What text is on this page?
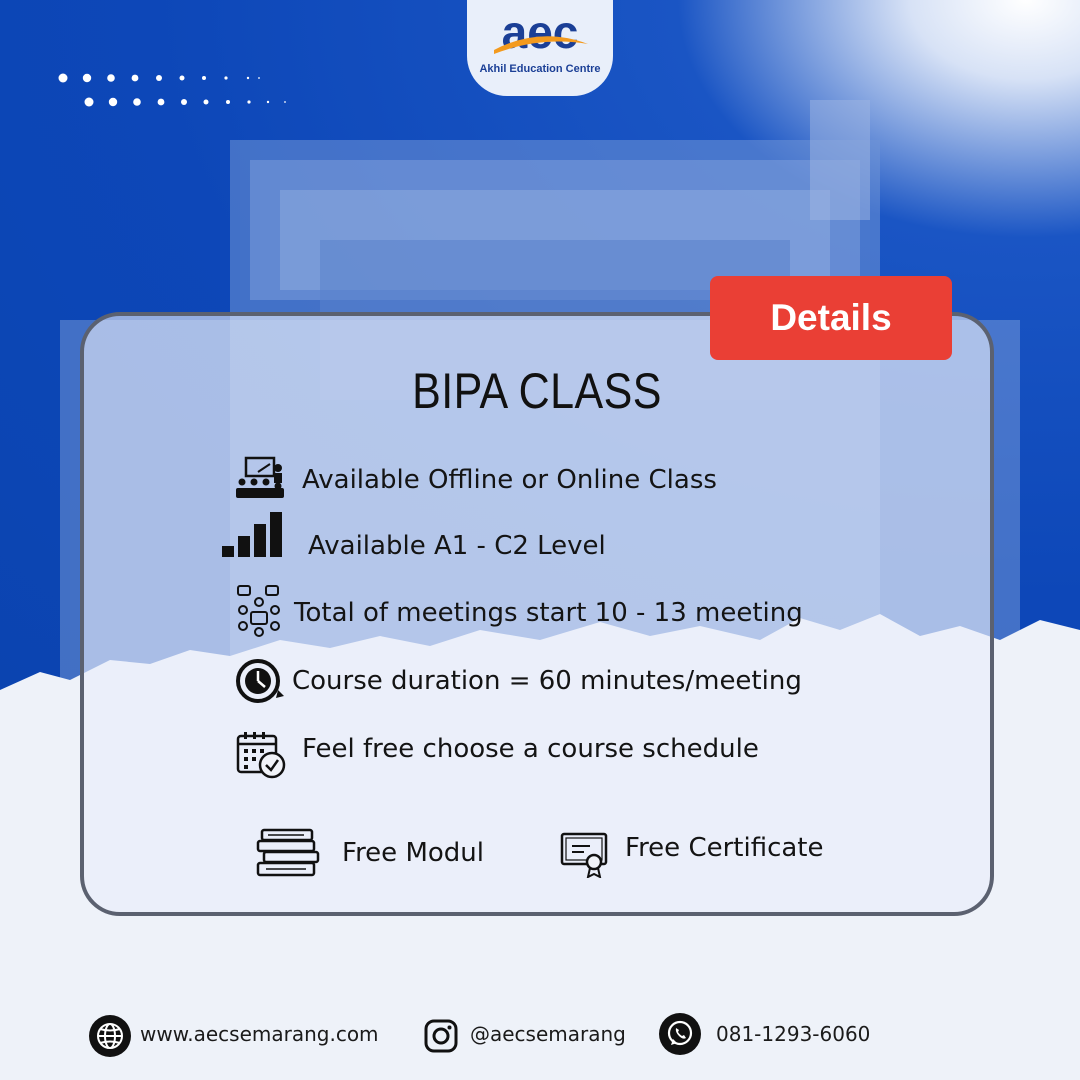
aec
Akhil Education Centre
Details
BIPA CLASS
Available Offline or Online Class
Available A1 - C2 Level
Total of meetings start 10 - 13 meeting
Course duration = 60 minutes/meeting
Feel free choose a course schedule
Free Modul	Free Certificate
www.aecsemarang.com	@aecsemarang	081-1293-6060
